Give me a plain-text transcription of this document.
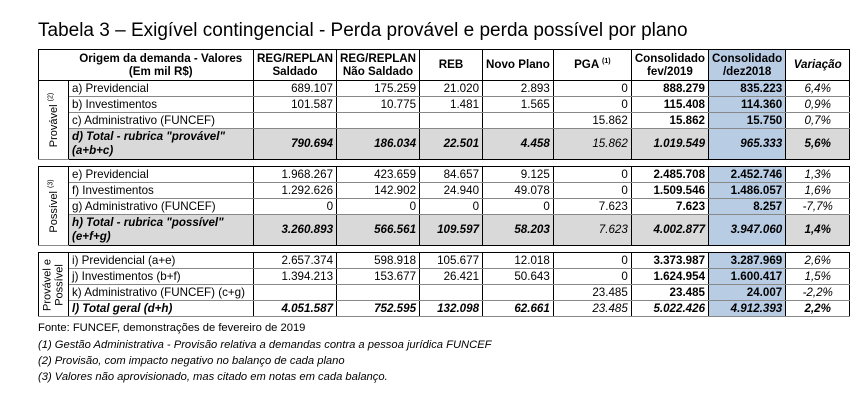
Tabela 3 – Exigível contingencial - Perda provável e perda possível por plano
	Origem da demanda - Valores (Em mil R$)	REG/REPLAN Saldado	REG/REPLAN Não Saldado	REB	Novo Plano	PGA $^{(1)}$	Consolidado fev/2019	Consolidado /dez2018	Variação

Provável $^{(2)}$	a) Previdencial	689.107	175.259	21.020	2.893	0	888.279	835.223	6,4%
	b) Investimentos	101.587	10.775	1.481	1.565	0	115.408	114.360	0,9%
	c) Administrativo (FUNCEF)					15.862	15.862	15.750	0,7%
	d) Total - rubrica "provável" (a+b+c)	790.694	186.034	22.501	4.458	15.862	1.019.549	965.333	5,6%

Possível $^{(3)}$	e) Previdencial	1.968.267	423.659	84.657	9.125	0	2.485.708	2.452.746	1,3%
	f) Investimentos	1.292.626	142.902	24.940	49.078	0	1.509.546	1.486.057	1,6%
	g) Administrativo (FUNCEF)	0	0	0	0	7.623	7.623	8.257	-7,7%
	h) Total - rubrica "possível" (e+f+g)	3.260.893	566.561	109.597	58.203	7.623	4.002.877	3.947.060	1,4%

Provável e Possível	i) Previdencial (a+e)	2.657.374	598.918	105.677	12.018	0	3.373.987	3.287.969	2,6%
	j) Investimentos (b+f)	1.394.213	153.677	26.421	50.643	0	1.624.954	1.600.417	1,5%
	k) Administrativo (FUNCEF) (c+g)					23.485	23.485	24.007	-2,2%
	l) Total geral (d+h)	4.051.587	752.595	132.098	62.661	23.485	5.022.426	4.912.393	2,2%
Fonte: FUNCEF, demonstrações de fevereiro de 2019
(1) Gestão Administrativa - Provisão relativa a demandas contra a pessoa jurídica FUNCEF
(2) Provisão, com impacto negativo no balanço de cada plano
(3) Valores não aprovisionado, mas citado em notas em cada balanço.
